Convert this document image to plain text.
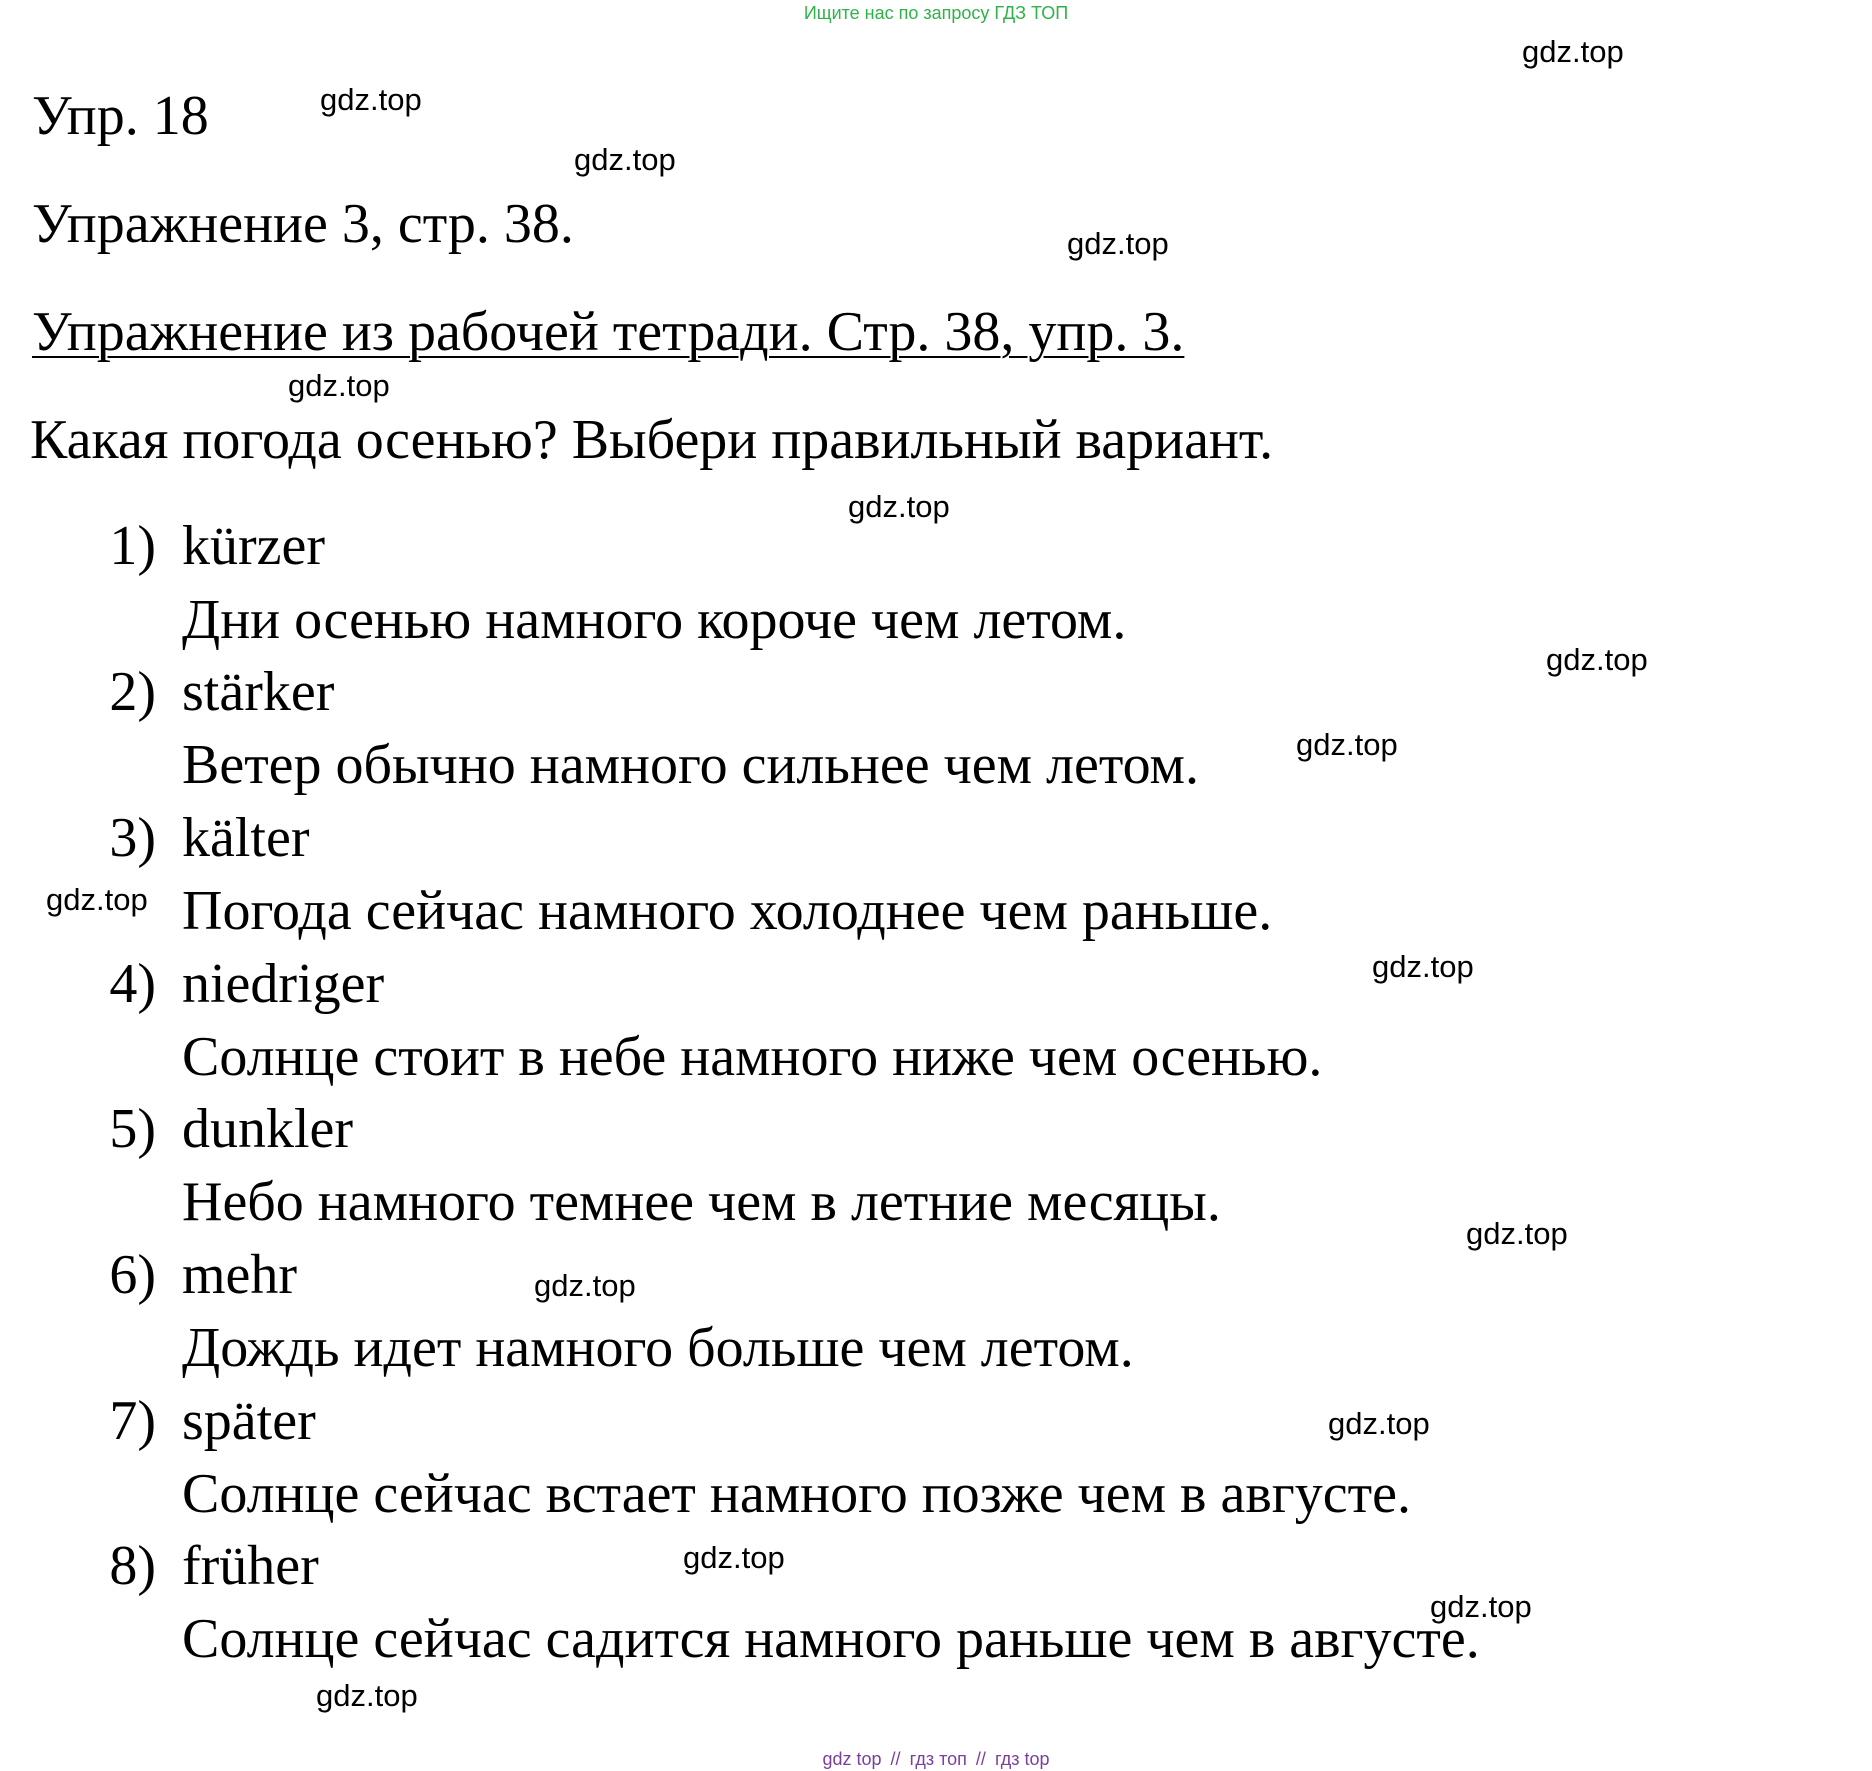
Ищите нас по запросу ГДЗ ТОП
Упр. 18
Упражнение 3, стр. 38.
Упражнение из рабочей тетради. Стр. 38, упр. 3.
Какая погода осенью? Выбери правильный вариант.
1) kürzer
Дни осенью намного короче чем летом.
2) stärker
Ветер обычно намного сильнее чем летом.
3) kälter
Погода сейчас намного холоднее чем раньше.
4) niedriger
Солнце стоит в небе намного ниже чем осенью.
5) dunkler
Небо намного темнее чем в летние месяцы.
6) mehr
Дождь идет намного больше чем летом.
7) später
Солнце сейчас встает намного позже чем в августе.
8) früher
Солнце сейчас садится намного раньше чем в августе.
gdz.top
gdz.top
gdz.top
gdz.top
gdz.top
gdz.top
gdz.top
gdz.top
gdz.top
gdz.top
gdz.top
gdz.top
gdz.top
gdz.top
gdz.top
gdz.top
gdz top // гдз топ // гдз top
